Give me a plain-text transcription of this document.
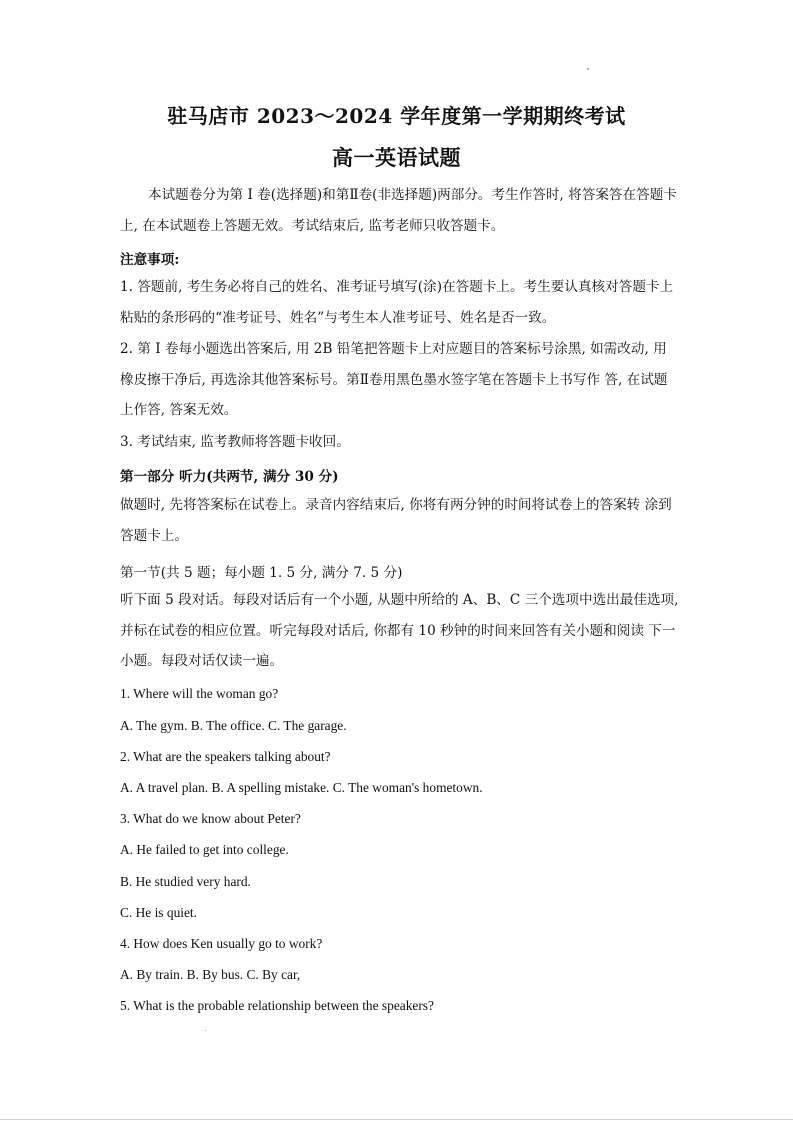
驻马店市 2023～2024 学年度第一学期期终考试
高一英语试题
本试题卷分为第 I 卷(选择题)和第Ⅱ卷(非选择题)两部分。考生作答时, 将答案答在答题卡上, 在本试题卷上答题无效。考试结束后, 监考老师只收答题卡。
注意事项:
1. 答题前, 考生务必将自己的姓名、准考证号填写(涂)在答题卡上。考生要认真核对答题卡上粘贴的条形码的“准考证号、姓名”与考生本人准考证号、姓名是否一致。
2. 第 I 卷每小题选出答案后, 用 2B 铅笔把答题卡上对应题目的答案标号涂黑, 如需改动, 用橡皮擦干净后, 再选涂其他答案标号。第Ⅱ卷用黑色墨水签字笔在答题卡上书写作 答, 在试题上作答, 答案无效。
3. 考试结束, 监考教师将答题卡收回。
第一部分 听力(共两节, 满分 30 分)
做题时, 先将答案标在试卷上。录音内容结束后, 你将有两分钟的时间将试卷上的答案转 涂到答题卡上。
第一节(共 5 题；每小题 1. 5 分, 满分 7. 5 分)
听下面 5 段对话。每段对话后有一个小题, 从题中所给的 A、B、C 三个选项中选出最佳选项, 并标在试卷的相应位置。听完每段对话后, 你都有 10 秒钟的时间来回答有关小题和阅读 下一小题。每段对话仅读一遍。
1. Where will the woman go?
A. The gym. B. The office. C. The garage.
2. What are the speakers talking about?
A. A travel plan. B. A spelling mistake. C. The woman's hometown.
3. What do we know about Peter?
A. He failed to get into college.
B. He studied very hard.
C. He is quiet.
4. How does Ken usually go to work?
A. By train. B. By bus. C. By car,
5. What is the probable relationship between the speakers?
